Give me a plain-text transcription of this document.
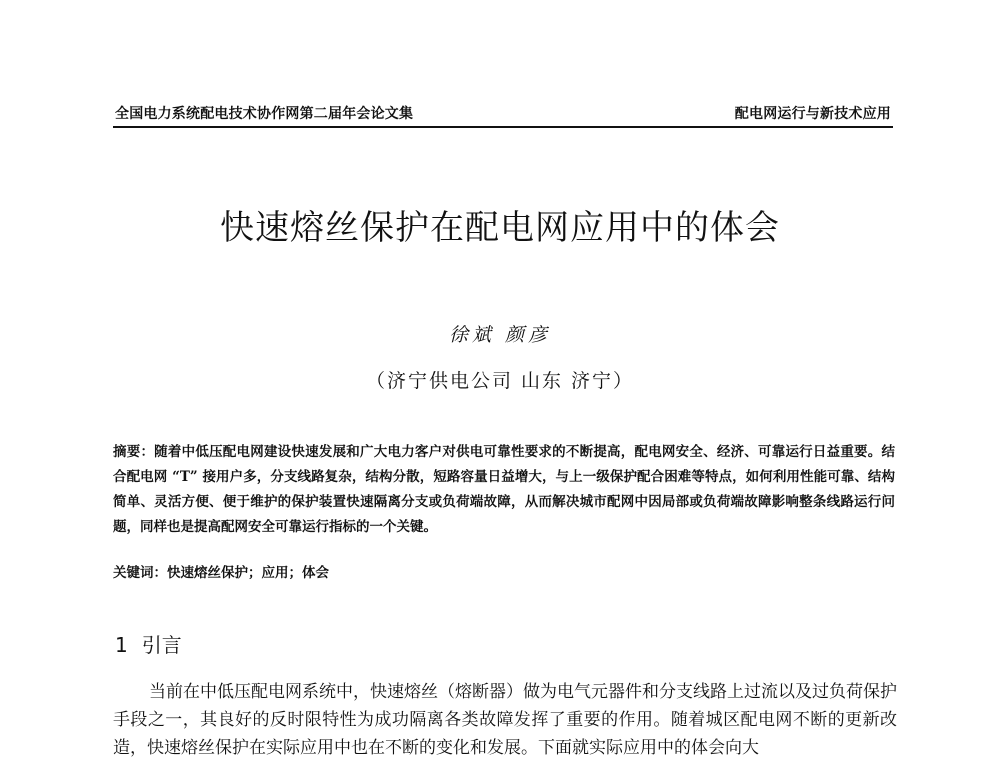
全国电力系统配电技术协作网第二届年会论文集	配电网运行与新技术应用
快速熔丝保护在配电网应用中的体会
徐斌 颜彦
（济宁供电公司 山东 济宁）
摘要：随着中低压配电网建设快速发展和广大电力客户对供电可靠性要求的不断提高，配电网安全、经济、可靠运行日益重要。结合配电网 “T” 接用户多，分支线路复杂，结构分散，短路容量日益增大，与上一级保护配合困难等特点，如何利用性能可靠、结构简单、灵活方便、便于维护的保护装置快速隔离分支或负荷端故障，从而解决城市配网中因局部或负荷端故障影响整条线路运行问题，同样也是提高配网安全可靠运行指标的一个关键。
关键词：快速熔丝保护；应用；体会
1 引言
当前在中低压配电网系统中，快速熔丝（熔断器）做为电气元器件和分支线路上过流以及过负荷保护手段之一，其良好的反时限特性为成功隔离各类故障发挥了重要的作用。随着城区配电网不断的更新改造，快速熔丝保护在实际应用中也在不断的变化和发展。下面就实际应用中的体会向大
